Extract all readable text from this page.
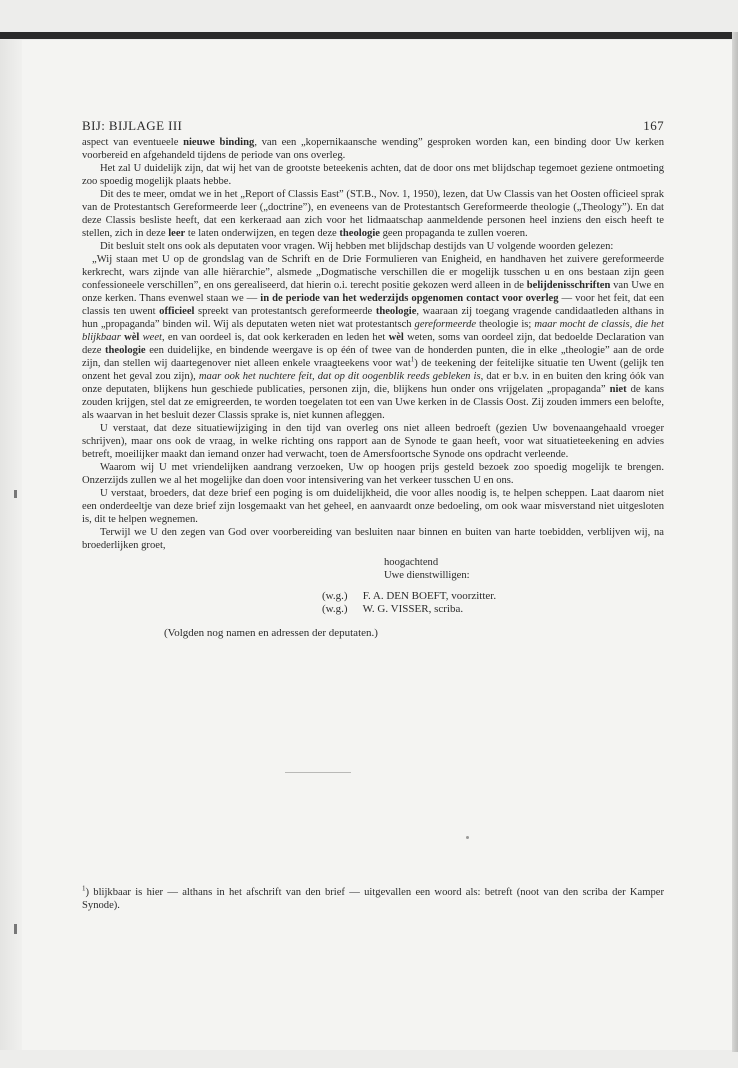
BIJ: BIJLAGE III	167

aspect van eventueele nieuwe binding, van een „kopernikaansche wending” gesproken worden kan, een binding door Uw kerken voorbereid en afgehandeld tijdens de periode van ons overleg.

Het zal U duidelijk zijn, dat wij het van de grootste beteekenis achten, dat de door ons met blijdschap tegemoet geziene ontmoeting zoo spoedig mogelijk plaats hebbe.

Dit des te meer, omdat we in het „Report of Classis East” (ST.B., Nov. 1, 1950), lezen, dat Uw Classis van het Oosten officieel sprak van de Protestantsch Gereformeerde leer („doctrine”), en eveneens van de Protestantsch Gereformeerde theologie („Theology”). En dat deze Classis besliste heeft, dat een kerkeraad aan zich voor het lidmaatschap aanmeldende personen heel inziens den eisch heeft te stellen, zich in deze leer te laten onderwijzen, en tegen deze theologie geen propaganda te zullen voeren.

Dit besluit stelt ons ook als deputaten voor vragen. Wij hebben met blijdschap destijds van U volgende woorden gelezen:

„Wij staan met U op de grondslag van de Schrift en de Drie Formulieren van Enigheid, en handhaven het zuivere gereformeerde kerkrecht, wars zijnde van alle hiërarchie”, alsmede „Dogmatische verschillen die er mogelijk tusschen u en ons bestaan zijn geen confessioneele verschillen”, en ons gerealiseerd, dat hierin o.i. terecht positie gekozen werd alleen in de belijdenisschriften van Uwe en onze kerken. Thans evenwel staan we — in de periode van het wederzijds opgenomen contact voor overleg — voor het feit, dat een classis ten uwent officieel spreekt van protestantsch gereformeerde theologie, waaraan zij toegang vragende candidaatleden althans in hun „propaganda” binden wil. Wij als deputaten weten niet wat protestantsch gereformeerde theologie is; maar mocht de classis, die het blijkbaar wèl weet, en van oordeel is, dat ook kerkeraden en leden het wèl weten, soms van oordeel zijn, dat bedoelde Declaration van deze theologie een duidelijke, en bindende weergave is op één of twee van de honderden punten, die in elke „theologie” aan de orde zijn, dan stellen wij daartegenover niet alleen enkele vraagteekens voor wat$^1$) de teekening der feitelijke situatie ten Uwent (gelijk ten onzent het geval zou zijn), maar ook het nuchtere feit, dat op dit oogenblik reeds gebleken is, dat er b.v. in en buiten den kring óók van onze deputaten, blijkens hun geschiede publicaties, personen zijn, die, blijkens hun onder ons vrijgelaten „propaganda” niet de kans zouden krijgen, stel dat ze emigreerden, te worden toegelaten tot een van Uwe kerken in de Classis Oost. Zij zouden immers een belofte, als waarvan in het besluit dezer Classis sprake is, niet kunnen afleggen.

U verstaat, dat deze situatiewijziging in den tijd van overleg ons niet alleen bedroeft (gezien Uw bovenaangehaald vroeger schrijven), maar ons ook de vraag, in welke richting ons rapport aan de Synode te gaan heeft, voor wat situatieteekening en advies betreft, moeilijker maakt dan iemand onzer had verwacht, toen de Amersfoortsche Synode ons opdracht verleende.

Waarom wij U met vriendelijken aandrang verzoeken, Uw op hoogen prijs gesteld bezoek zoo spoedig mogelijk te brengen. Onzerzijds zullen we al het mogelijke dan doen voor intensivering van het verkeer tusschen U en ons.

U verstaat, broeders, dat deze brief een poging is om duidelijkheid, die voor alles noodig is, te helpen scheppen. Laat daarom niet een onderdeeltje van deze brief zijn losgemaakt van het geheel, en aanvaardt onze bedoeling, om ook waar misverstand niet uitgesloten is, dit te helpen wegnemen.

Terwijl we U den zegen van God over voorbereiding van besluiten naar binnen en buiten van harte toebidden, verblijven wij, na broederlijken groet,

hoogachtend
Uwe dienstwilligen:
(w.g.) F. A. DEN BOEFT, voorzitter.
(w.g.) W. G. VISSER, scriba.
(Volgden nog namen en adressen der deputaten.)
$^1$) blijkbaar is hier — althans in het afschrift van den brief — uitgevallen een woord als: betreft (noot van den scriba der Kamper Synode).
